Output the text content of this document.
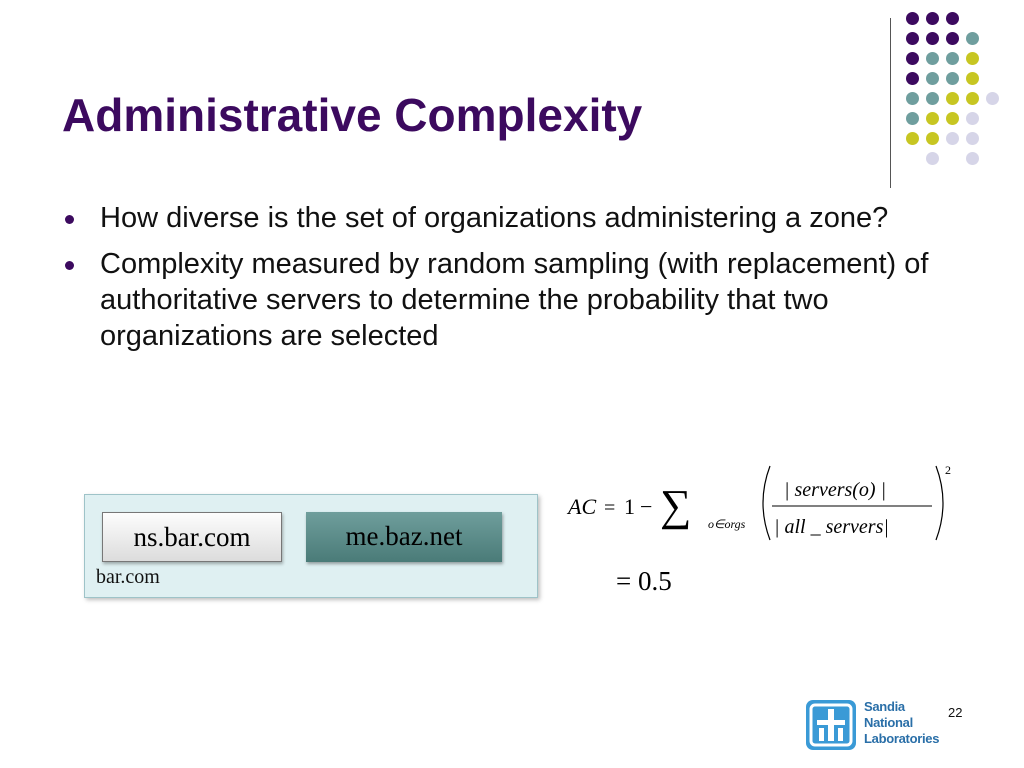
Administrative Complexity
How diverse is the set of organizations administering a zone?
Complexity measured by random sampling (with replacement) of authoritative servers to determine the probability that two organizations are selected
ns.bar.com	me.baz.net
bar.com
AC = 1 − ∑ o∈orgs
| servers(o) |
| all _ servers|
2
= 0.5
Sandia
National
Laboratories
22
